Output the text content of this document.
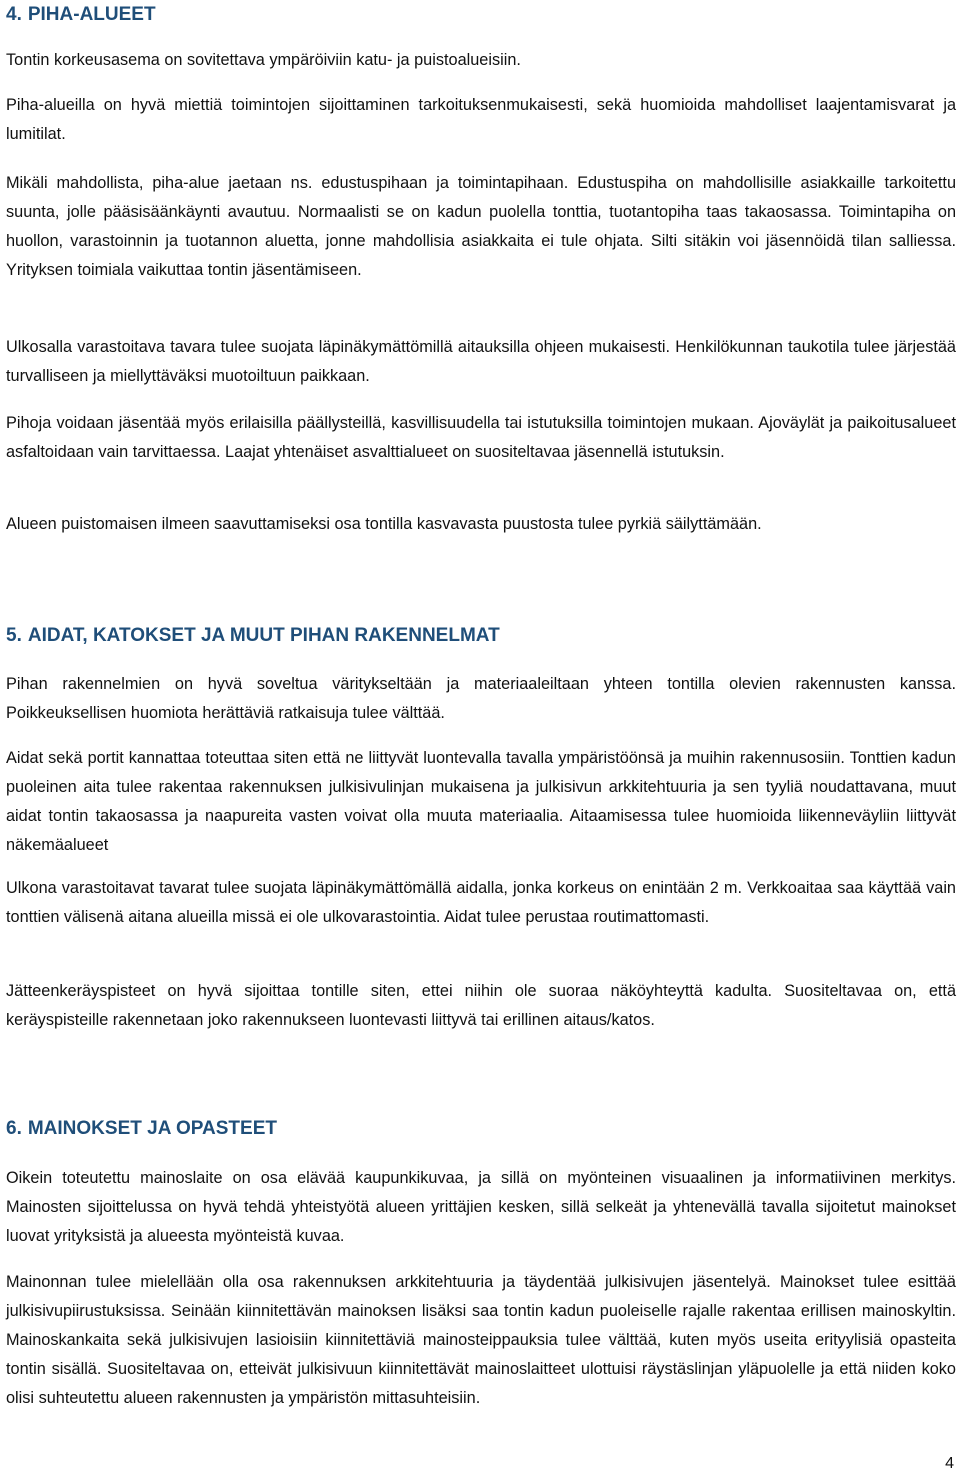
4. PIHA-ALUEET

Tontin korkeusasema on sovitettava ympäröiviin katu- ja puistoalueisiin.

Piha-alueilla on hyvä miettiä toimintojen sijoittaminen tarkoituksenmukaisesti, sekä huomioida mahdolliset laajentamisvarat ja lumitilat.

Mikäli mahdollista, piha-alue jaetaan ns. edustuspihaan ja toimintapihaan. Edustuspiha on mahdollisille asiakkaille tarkoitettu suunta, jolle pääsisäänkäynti avautuu. Normaalisti se on kadun puolella tonttia, tuotantopiha taas takaosassa. Toimintapiha on huollon, varastoinnin ja tuotannon aluetta, jonne mahdollisia asiakkaita ei tule ohjata. Silti sitäkin voi jäsennöidä tilan salliessa. Yrityksen toimiala vaikuttaa tontin jäsentämiseen.

Ulkosalla varastoitava tavara tulee suojata läpinäkymättömillä aitauksilla ohjeen mukaisesti. Henkilökunnan taukotila tulee järjestää turvalliseen ja miellyttäväksi muotoiltuun paikkaan.

Pihoja voidaan jäsentää myös erilaisilla päällysteillä, kasvillisuudella tai istutuksilla toimintojen mukaan. Ajoväylät ja paikoitusalueet asfaltoidaan vain tarvittaessa. Laajat yhtenäiset asvalttialueet on suositeltavaa jäsennellä istutuksin.

Alueen puistomaisen ilmeen saavuttamiseksi osa tontilla kasvavasta puustosta tulee pyrkiä säilyttämään.

5. AIDAT, KATOKSET JA MUUT PIHAN RAKENNELMAT

Pihan rakennelmien on hyvä soveltua väritykseltään ja materiaaleiltaan yhteen tontilla olevien rakennusten kanssa. Poikkeuksellisen huomiota herättäviä ratkaisuja tulee välttää.

Aidat sekä portit kannattaa toteuttaa siten että ne liittyvät luontevalla tavalla ympäristöönsä ja muihin rakennusosiin. Tonttien kadun puoleinen aita tulee rakentaa rakennuksen julkisivulinjan mukaisena ja julkisivun arkkitehtuuria ja sen tyyliä noudattavana, muut aidat tontin takaosassa ja naapureita vasten voivat olla muuta materiaalia. Aitaamisessa tulee huomioida liikenneväyliin liittyvät näkemäalueet

Ulkona varastoitavat tavarat tulee suojata läpinäkymättömällä aidalla, jonka korkeus on enintään 2 m. Verkkoaitaa saa käyttää vain tonttien välisenä aitana alueilla missä ei ole ulkovarastointia. Aidat tulee perustaa routimattomasti.

Jätteenkeräyspisteet on hyvä sijoittaa tontille siten, ettei niihin ole suoraa näköyhteyttä kadulta. Suositeltavaa on, että keräyspisteille rakennetaan joko rakennukseen luontevasti liittyvä tai erillinen aitaus/katos.

6. MAINOKSET JA OPASTEET

Oikein toteutettu mainoslaite on osa elävää kaupunkikuvaa, ja sillä on myönteinen visuaalinen ja informatiivinen merkitys. Mainosten sijoittelussa on hyvä tehdä yhteistyötä alueen yrittäjien kesken, sillä selkeät ja yhtenevällä tavalla sijoitetut mainokset luovat yrityksistä ja alueesta myönteistä kuvaa.

Mainonnan tulee mielellään olla osa rakennuksen arkkitehtuuria ja täydentää julkisivujen jäsentelyä. Mainokset tulee esittää julkisivupiirustuksissa. Seinään kiinnitettävän mainoksen lisäksi saa tontin kadun puoleiselle rajalle rakentaa erillisen mainoskyltin. Mainoskankaita sekä julkisivujen lasioisiin kiinnitettäviä mainosteippauksia tulee välttää, kuten myös useita erityylisiä opasteita tontin sisällä. Suositeltavaa on, etteivät julkisivuun kiinnitettävät mainoslaitteet ulottuisi räystäslinjan yläpuolelle ja että niiden koko olisi suhteutettu alueen rakennusten ja ympäristön mittasuhteisiin.

4
